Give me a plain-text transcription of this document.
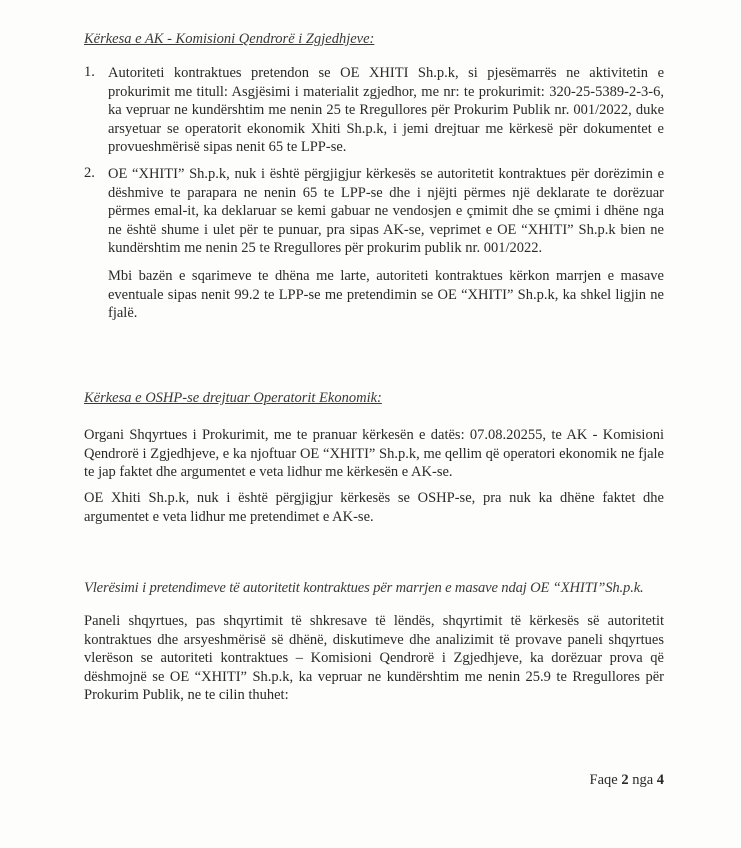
Kërkesa e AK - Komisioni Qendrorë i Zgjedhjeve:
1. Autoriteti kontraktues pretendon se OE XHITI Sh.p.k, si pjesëmarrës ne aktivitetin e prokurimit me titull: Asgjësimi i materialit zgjedhor, me nr: te prokurimit: 320-25-5389-2-3-6, ka vepruar ne kundërshtim me nenin 25 te Rregullores për Prokurim Publik nr. 001/2022, duke arsyetuar se operatorit ekonomik Xhiti Sh.p.k, i jemi drejtuar me kërkesë për dokumentet e provueshmërisë sipas nenit 65 te LPP-se.

2. OE “XHITI” Sh.p.k, nuk i është përgjigjur kërkesës se autoritetit kontraktues për dorëzimin e dëshmive te parapara ne nenin 65 te LPP-se dhe i njëjti përmes një deklarate te dorëzuar përmes emal-it, ka deklaruar se kemi gabuar ne vendosjen e çmimit dhe se çmimi i dhëne nga ne është shume i ulet për te punuar, pra sipas AK-se, veprimet e OE “XHITI” Sh.p.k bien ne kundërshtim me nenin 25 te Rregullores për prokurim publik nr. 001/2022.

Mbi bazën e sqarimeve te dhëna me larte, autoriteti kontraktues kërkon marrjen e masave eventuale sipas nenit 99.2 te LPP-se me pretendimin se OE “XHITI” Sh.p.k, ka shkel ligjin ne fjalë.

Kërkesa e OSHP-se drejtuar Operatorit Ekonomik:

Organi Shqyrtues i Prokurimit, me te pranuar kërkesën e datës: 07.08.20255, te AK - Komisioni Qendrorë i Zgjedhjeve, e ka njoftuar OE “XHITI” Sh.p.k, me qellim që operatori ekonomik ne fjale te jap faktet dhe argumentet e veta lidhur me kërkesën e AK-se.

OE Xhiti Sh.p.k, nuk i është përgjigjur kërkesës se OSHP-se, pra nuk ka dhëne faktet dhe argumentet e veta lidhur me pretendimet e AK-se.

Vlerësimi i pretendimeve të autoritetit kontraktues për marrjen e masave ndaj OE “XHITI”Sh.p.k.

Paneli shqyrtues, pas shqyrtimit të shkresave të lëndës, shqyrtimit të kërkesës së autoritetit kontraktues dhe arsyeshmërisë së dhënë, diskutimeve dhe analizimit të provave paneli shqyrtues vlerëson se autoriteti kontraktues – Komisioni Qendrorë i Zgjedhjeve, ka dorëzuar prova që dëshmojnë se OE “XHITI” Sh.p.k, ka vepruar ne kundërshtim me nenin 25.9 te Rregullores për Prokurim Publik, ne te cilin thuhet:

Faqe 2 nga 4
